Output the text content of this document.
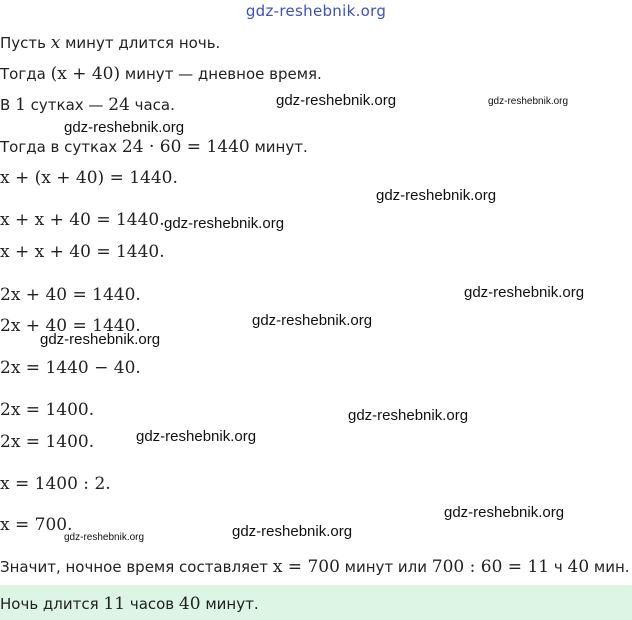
gdz-reshebnik.org
Пусть x минут длится ночь.
Тогда (x + 40) минут — дневное время.
В 1 сутках — 24 часа.
Тогда в сутках 24 · 60 = 1440 минут.
x + (x + 40) = 1440.
x + x + 40 = 1440.
x + x + 40 = 1440.
2x + 40 = 1440.
2x + 40 = 1440.
2x = 1440 − 40.
2x = 1400.
2x = 1400.
x = 1400 : 2.
x = 700.
Значит, ночное время составляет x = 700 минут или 700 : 60 = 11 ч 40 мин.
Ночь длится 11 часов 40 минут.
gdz-reshebnik.org	gdz-reshebnik.org
gdz-reshebnik.org
gdz-reshebnik.org
gdz-reshebnik.org
gdz-reshebnik.org
gdz-reshebnik.org
gdz-reshebnik.org
gdz-reshebnik.org
gdz-reshebnik.org
gdz-reshebnik.org
gdz-reshebnik.org	gdz-reshebnik.org
